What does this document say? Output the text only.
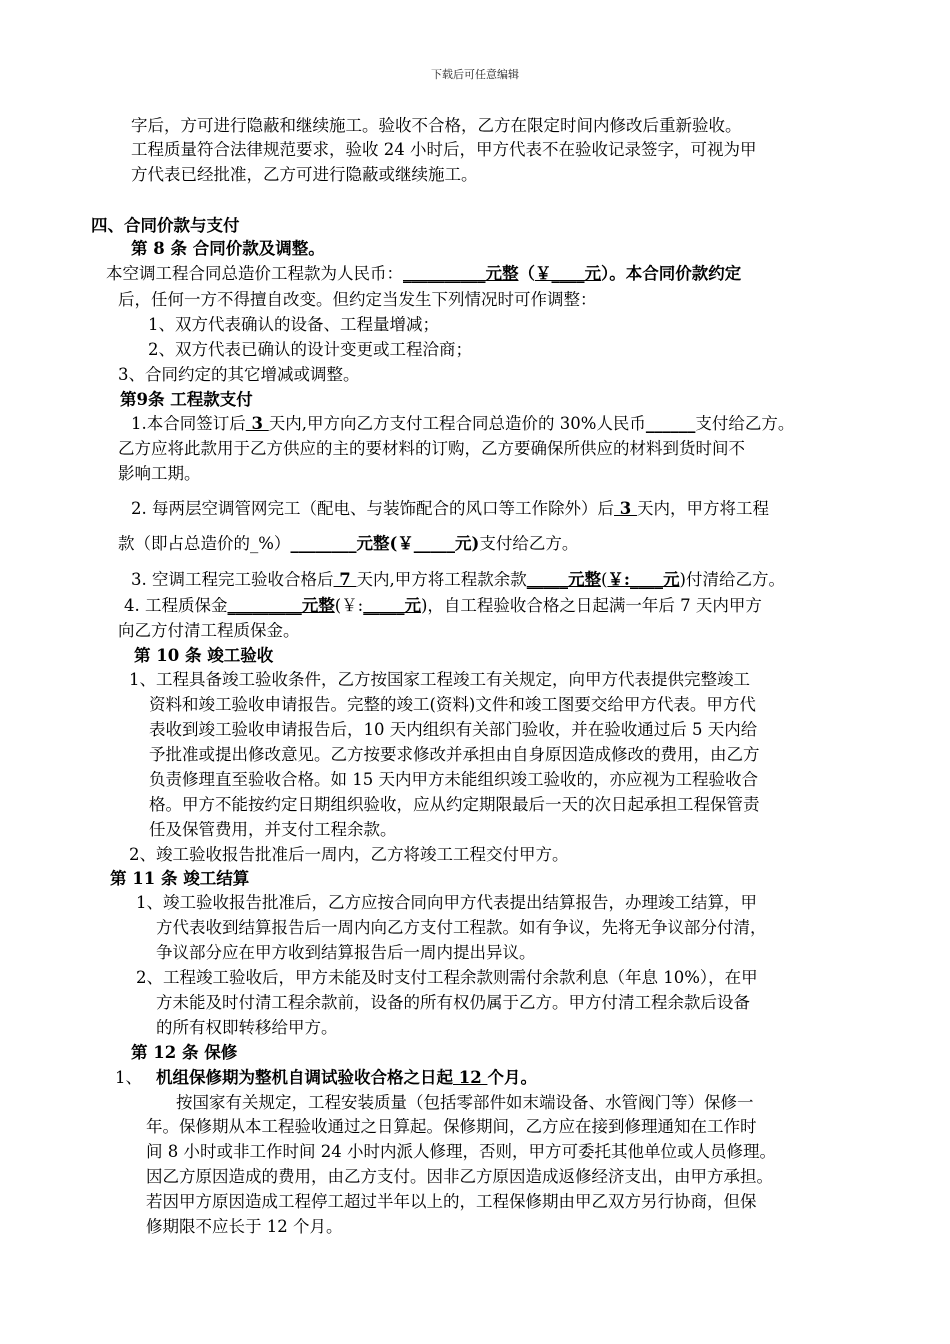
下载后可任意编辑
字后，方可进行隐蔽和继续施工。验收不合格，乙方在限定时间内修改后重新验收。
工程质量符合法律规范要求，验收 24 小时后，甲方代表不在验收记录签字，可视为甲
方代表已经批准，乙方可进行隐蔽或继续施工。
四、合同价款与支付
第 8 条 合同价款及调整。
本空调工程合同总造价工程款为人民币：__________元整（￥____元）。本合同价款约定
后，任何一方不得擅自改变。但约定当发生下列情况时可作调整：
1、双方代表确认的设备、工程量增减；
2、双方代表已确认的设计变更或工程洽商；
3、合同约定的其它增减或调整。
第9条 工程款支付
1.本合同签订后 3 天内,甲方向乙方支付工程合同总造价的 30%人民币______支付给乙方。
乙方应将此款用于乙方供应的主的要材料的订购，乙方要确保所供应的材料到货时间不
影响工期。
2. 每两层空调管网完工（配电、与装饰配合的风口等工作除外）后 3 天内，甲方将工程
款（即占总造价的_%）________元整(￥_____元)支付给乙方。
3. 空调工程完工验收合格后 7 天内,甲方将工程款余款_____元整(￥:____元)付清给乙方。
4. 工程质保金_________元整(￥:_____元)，自工程验收合格之日起满一年后 7 天内甲方
向乙方付清工程质保金。
第 10 条 竣工验收
1、工程具备竣工验收条件，乙方按国家工程竣工有关规定，向甲方代表提供完整竣工
资料和竣工验收申请报告。完整的竣工(资料)文件和竣工图要交给甲方代表。甲方代
表收到竣工验收申请报告后，10 天内组织有关部门验收，并在验收通过后 5 天内给
予批准或提出修改意见。乙方按要求修改并承担由自身原因造成修改的费用，由乙方
负责修理直至验收合格。如 15 天内甲方未能组织竣工验收的，亦应视为工程验收合
格。甲方不能按约定日期组织验收，应从约定期限最后一天的次日起承担工程保管责
任及保管费用，并支付工程余款。
2、竣工验收报告批准后一周内，乙方将竣工工程交付甲方。
第 11 条 竣工结算
1、竣工验收报告批准后，乙方应按合同向甲方代表提出结算报告，办理竣工结算，甲
方代表收到结算报告后一周内向乙方支付工程款。如有争议，先将无争议部分付清，
争议部分应在甲方收到结算报告后一周内提出异议。
2、工程竣工验收后，甲方未能及时支付工程余款则需付余款利息（年息 10%），在甲
方未能及时付清工程余款前，设备的所有权仍属于乙方。甲方付清工程余款后设备
的所有权即转移给甲方。
第 12 条 保修
1、 机组保修期为整机自调试验收合格之日起 12 个月。
按国家有关规定，工程安装质量（包括零部件如末端设备、水管阀门等）保修一
年。保修期从本工程验收通过之日算起。保修期间，乙方应在接到修理通知在工作时
间 8 小时或非工作时间 24 小时内派人修理，否则，甲方可委托其他单位或人员修理。
因乙方原因造成的费用，由乙方支付。因非乙方原因造成返修经济支出，由甲方承担。
若因甲方原因造成工程停工超过半年以上的，工程保修期由甲乙双方另行协商，但保
修期限不应长于 12 个月。
